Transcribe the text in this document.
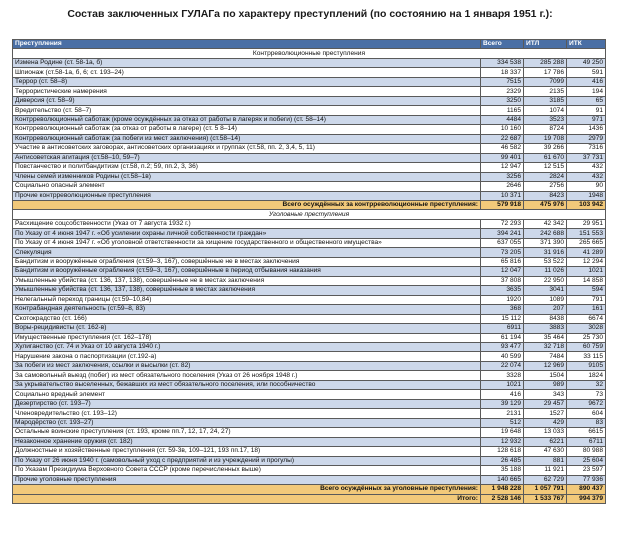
Состав заключенных ГУЛАГа по характеру преступлений (по состоянию на 1 января 1951 г.):
Преступления	Всего	ИТЛ	ИТК
Контрреволюционные преступления			
Измена Родине (ст. 58-1а, б)	334 538	285 288	49 250
Шпионаж (ст.58-1а, б, 6; ст. 193–24)	18 337	17 786	591
Террор (ст. 58–8)	7515	7099	416
Террористические намерения	2329	2135	194
Диверсия (ст. 58–9)	3250	3185	65
Вредительство (ст. 58–7)	1165	1074	91
Контрреволюционный саботаж (кроме осуждённых за отказ от работы в лагерях и побеги) (ст. 58–14)	4484	3523	971
Контрреволюционный саботаж (за отказ от работы в лагере) (ст. 5 8–14)	10 160	8724	1436
Контрреволюционный саботаж (за побеги из мест заключения) (ст.58–14)	22 687	19 708	2979
Участие в антисоветских заговорах, антисоветских организациях и группах (ст.58, пп. 2, 3,4, 5, 11)	46 582	39 266	7316
Антисоветская агитация (ст.58–10, 59–7)	99 401	61 670	37 731
Повстанчество и политбандитизм (ст.58, п.2; 59, пп.2, 3, 36)	12 947	12 515	432
Члены семей изменников Родины (ст.58–1в)	3256	2824	432
Социально опасный элемент	2646	2756	90
Прочие контрреволюционные преступления	10 371	8423	1948
Всего осуждённых за контрреволюционные преступления:	579 918	475 976	103 942
Уголовные преступления			
Расхищение соцсобственности (Указ от 7 августа 1932 г.)	72 293	42 342	29 951
По Указу от 4 июня 1947 г. «Об усилении охраны личной собственности граждан»	394 241	242 688	151 553
По Указу от 4 июня 1947 г. «Об уголовной ответственности за хищение государственного и общественного имущества»	637 055	371 390	265 665
Спекуляция	73 205	31 916	41 289
Бандитизм и вооружённые ограбления (ст.59–3, 167), совершённые не в местах заключения	65 816	53 522	12 294
Бандитизм и вооружённые ограбления (ст.59–3, 167), совершённые в период отбывания наказания	12 047	11 026	1021
Умышленные убийства (ст. 136, 137, 138), совершённые не в местах заключения	37 808	22 950	14 858
Умышленные убийства (ст. 136, 137, 138), совершённые в местах заключения	3635	3041	594
Нелегальный переход границы (ст.59–10,84)	1920	1089	791
Контрабандная деятельность (ст.59–8, 83)	368	207	161
Скотокрадство (ст. 166)	15 112	8438	6674
Воры-рецидивисты (ст. 162-в)	6911	3883	3028
Имущественные преступления (ст. 162–178)	61 194	35 464	25 730
Хулиганство (ст. 74 и Указ от 10 августа 1940 г.)	93 477	32 718	60 759
Нарушение закона о паспортизации (ст.192-а)	40 599	7484	33 115
За побеги из мест заключения, ссылки и высылки (ст. 82)	22 074	12 969	9105
За самовольный выезд (побег) из мест обязательного поселения (Указ от 26 ноября 1948 г.)	3328	1504	1824
За укрывательство выселенных, бежавших из мест обязательного поселения, или пособничество	1021	989	32
Социально вредный элемент	416	343	73
Дезертирство (ст. 193–7)	39 129	29 457	9672
Членовредительство (ст. 193–12)	2131	1527	604
Мародёрство (ст. 193–27)	512	429	83
Остальные воинские преступления (ст. 193, кроме пп.7, 12, 17, 24, 27)	19 648	13 033	6615
Незаконное хранение оружия (ст. 182)	12 932	6221	6711
Должностные и хозяйственные преступления (ст. 59-3в, 109–121, 193 пп.17, 18)	128 618	47 630	80 988
По Указу от 26 июня 1940 г. (самовольный уход с предприятий и из учреждений и прогулы)	26 485	881	25 604
По Указам Президиума Верховного Совета СССР (кроме перечисленных выше)	35 188	11 921	23 597
Прочие уголовные преступления	140 665	62 729	77 936
Всего осуждённых за уголовные преступления:	1 948 228	1 057 791	890 437
Итого:	2 528 146	1 533 767	994 379
